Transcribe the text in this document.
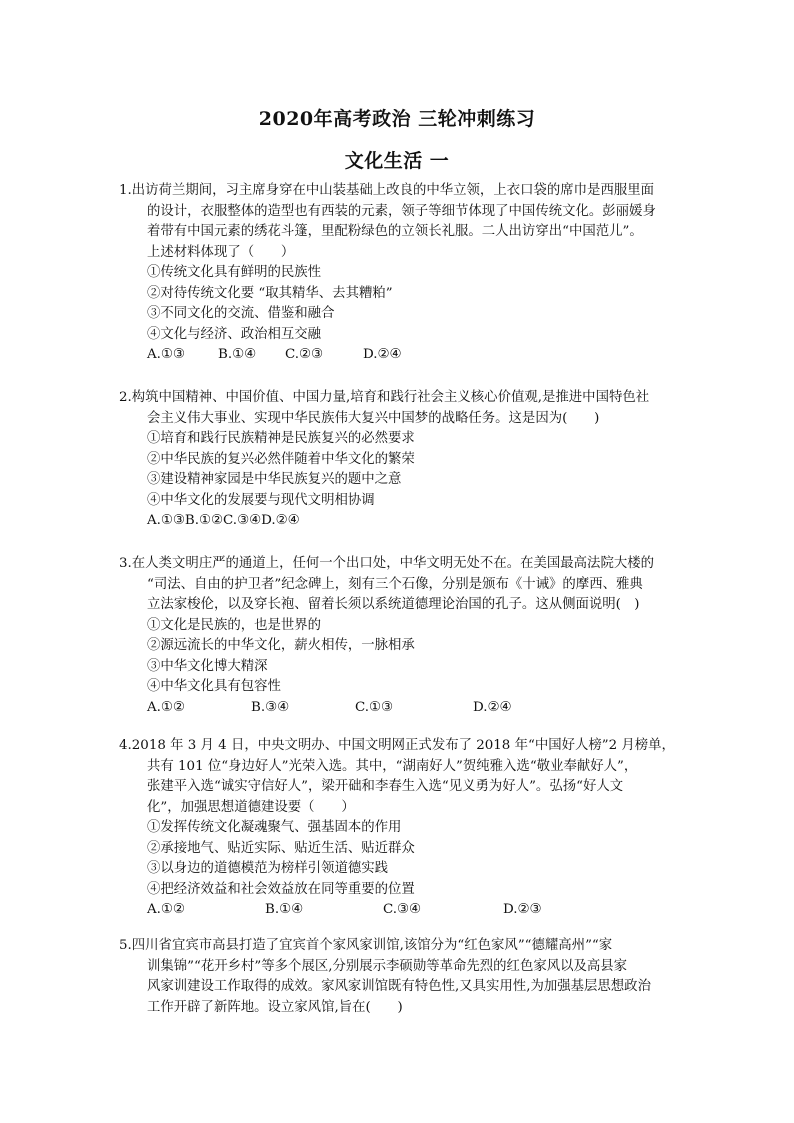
2020年高考政治 三轮冲刺练习
文化生活 一
1.出访荷兰期间，习主席身穿在中山装基础上改良的中华立领，上衣口袋的席巾是西服里面
的设计，衣服整体的造型也有西装的元素，领子等细节体现了中国传统文化。彭丽媛身
着带有中国元素的绣花斗篷，里配粉绿色的立领长礼服。二人出访穿出“中国范儿”。
上述材料体现了（　　）
①传统文化具有鲜明的民族性
②对待传统文化要 “取其精华、去其糟粕”
③不同文化的交流、借鉴和融合
④文化与经济、政治相互交融
A.①③	B.①④	C.②③	D.②④
2.构筑中国精神、中国价值、中国力量,培育和践行社会主义核心价值观,是推进中国特色社
会主义伟大事业、实现中华民族伟大复兴中国梦的战略任务。这是因为(　　)
①培育和践行民族精神是民族复兴的必然要求
②中华民族的复兴必然伴随着中华文化的繁荣
③建设精神家园是中华民族复兴的题中之意
④中华文化的发展要与现代文明相协调
A.①③B.①②C.③④D.②④
3.在人类文明庄严的通道上，任何一个出口处，中华文明无处不在。在美国最高法院大楼的
“司法、自由的护卫者”纪念碑上，刻有三个石像，分别是颁布《十诫》的摩西、雅典
立法家梭伦，以及穿长袍、留着长须以系统道德理论治国的孔子。这从侧面说明(　)
①文化是民族的，也是世界的
②源远流长的中华文化，薪火相传，一脉相承
③中华文化博大精深
④中华文化具有包容性
A.①②	B.③④	C.①③	D.②④
4.2018 年 3 月 4 日，中央文明办、中国文明网正式发布了 2018 年“中国好人榜”2 月榜单，
共有 101 位“身边好人”光荣入选。其中，“湖南好人”贺纯雅入选“敬业奉献好人”，
张建平入选“诚实守信好人”，梁开础和李春生入选“见义勇为好人”。弘扬“好人文
化”，加强思想道德建设要（　　）
①发挥传统文化凝魂聚气、强基固本的作用
②承接地气、贴近实际、贴近生活、贴近群众
③以身边的道德模范为榜样引领道德实践
④把经济效益和社会效益放在同等重要的位置
A.①②	B.①④	C.③④	D.②③
5.四川省宜宾市高县打造了宜宾首个家风家训馆,该馆分为“红色家风”“德耀高州”“家
训集锦”“花开乡村”等多个展区,分别展示李硕勋等革命先烈的红色家风以及高县家
风家训建设工作取得的成效。家风家训馆既有特色性,又具实用性,为加强基层思想政治
工作开辟了新阵地。设立家风馆,旨在(　　)
